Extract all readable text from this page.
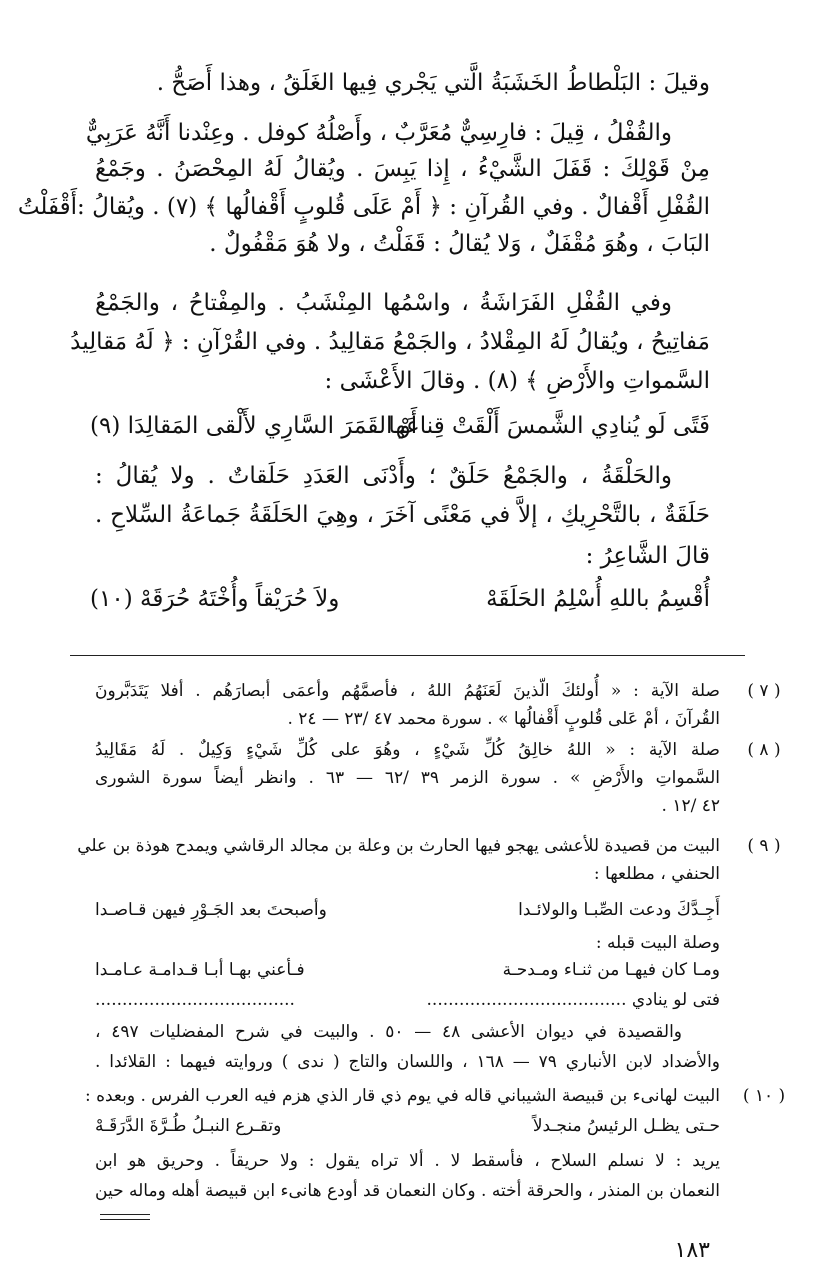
وقيلَ : البَلْطاطُ الخَشَبَةُ الَّتي يَجْري فِيها الغَلَقُ ، وهذا أَصَحُّ .
والقُفْلُ ، قِيلَ : فارِسِيٌّ مُعَرَّبٌ ، وأَصْلُهُ كوفل . وعِنْدنا أَنَّهُ عَرَبِيٌّ
مِنْ قَوْلِكَ : قَفَلَ الشَّيْءُ ، إِذا يَبِسَ . ويُقالُ لَهُ المِحْصَنُ . وجَمْعُ
القُفْلِ أَقْفالٌ . وفي القُرآنِ : ﴿ أَمْ عَلَى قُلوبٍ أَقْفالُها ﴾ (٧) . ويُقالُ :أَقْفَلْتُ
البَابَ ، وهُوَ مُقْفَلٌ ، وَلا يُقالُ : قَفَلْتُ ، ولا هُوَ مَقْفُولٌ .
وفي القُفْلِ الفَرَاشَةُ ، واسْمُها المِنْشَبُ . والمِفْتاحُ ، والجَمْعُ
مَفاتِيحُ ، ويُقالُ لَهُ المِقْلادُ ، والجَمْعُ مَقالِيدُ . وفي القُرْآنِ : ﴿ لَهُ مَقالِيدُ
السَّمواتِ والأَرْضِ ﴾ (٨) . وقالَ الأَعْشَى :
فَتًى لَو يُنادِي الشَّمسَ أَلْقَتْ قِناعَها
أَوْ القَمَرَ السَّارِي لأَلْقى المَقالِدَا (٩)
والحَلْقَةُ ، والجَمْعُ حَلَقٌ ؛ وأَدْنَى العَدَدِ حَلَقاتٌ . ولا يُقالُ :
حَلَقَةٌ ، بالتَّحْرِيكِ ، إلاَّ في مَعْنًى آخَرَ ، وهِيَ الحَلَقَةُ جَماعَةُ السِّلاحِ .
قالَ الشَّاعِرُ :
أُقْسِمُ باللهِ أُسْلِمُ الحَلَقَهْ
ولاَ حُرَيْقاً وأُخْتَهُ حُرَقَهْ (١٠)
( ٧ )
صلة الآية : « أُولئكَ الّذينَ لَعَنَهُمُ اللهُ ، فأصمَّهُم وأعمَى أبصارَهُم . أفلا يَتَدَبَّرونَ
القُرآنَ ، أمْ عَلى قُلوبٍ أَقْفالُها » . سورة محمد ٤٧ /٢٣ — ٢٤ .
( ٨ )
صلة الآية : « اللهُ خالِقُ كُلِّ شَيْءٍ ، وهُوَ على كُلِّ شَيْءٍ وَكِيلٌ . لَهُ مَقَالِيدُ
السَّمواتِ والأَرْضِ » . سورة الزمر ٣٩ /٦٢ — ٦٣ . وانظر أيضاً سورة الشورى
٤٢ /١٢ .
( ٩ )
البيت من قصيدة للأعشى يهجو فيها الحارث بن وعلة بن مجالد الرقاشي ويمدح هوذة بن علي
الحنفي ، مطلعها :
أَجِـدَّكَ ودعت الصِّبـا والولائـدا
وأصبحتَ بعد الجَـوْرِ فيهن قـاصـدا
وصلة البيت قبله :
ومـا كان فيهـا من ثنـاء ومـدحـة
فـأعني بهـا أبـا قـدامـة عـامـدا
فتى لو ينادي .....................................
.....................................
والقصيدة في ديوان الأعشى ٤٨ — ٥٠ . والبيت في شرح المفضليات ٤٩٧ ،
والأضداد لابن الأنباري ٧٩ — ١٦٨ ، واللسان والتاج ( ندى ) وروايته فيهما : القلائدا .
( ١٠ )
البيت لهانىء بن قبيصة الشيباني قاله في يوم ذي قار الذي هزم فيه العرب الفرس . وبعده :
حـتى يظـل الرئيسُ منجـدلاً
وتقـرع النبـلُ طُـرَّةَ الدَّرَقَـهْ
يريد : لا نسلم السلاح ، فأسقط لا . ألا تراه يقول : ولا حريقاً . وحريق هو ابن
النعمان بن المنذر ، والحرقة أخته . وكان النعمان قد أودع هانىء ابن قبيصة أهله وماله حين
١٨٣
